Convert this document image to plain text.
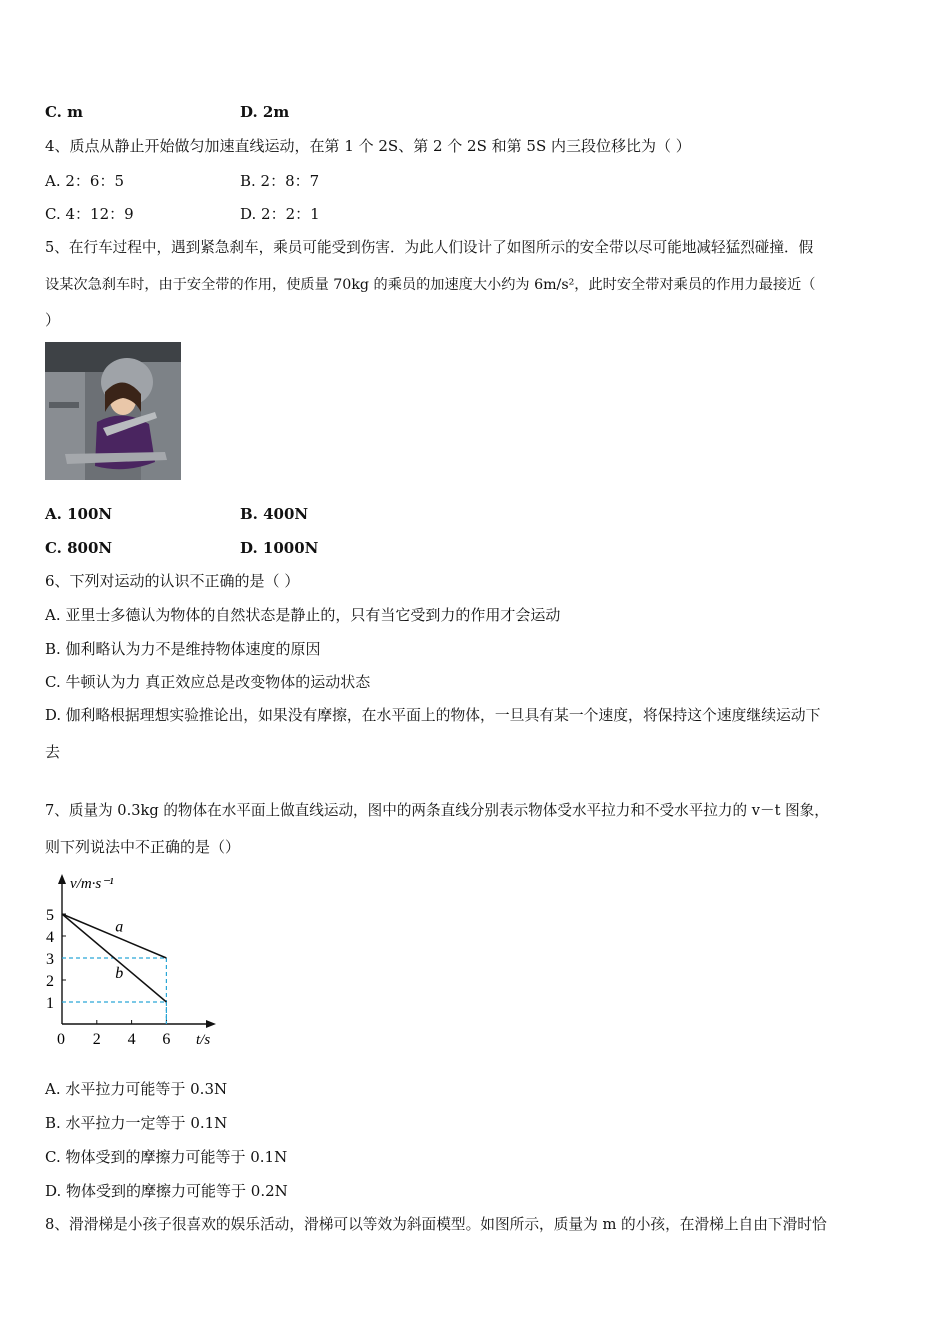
C. m	D. 2m
4、质点从静止开始做匀加速直线运动，在第 1 个 2S、第 2 个 2S 和第 5S 内三段位移比为（ ）
A. 2：6：5	B. 2：8：7
C. 4：12：9	D. 2：2：1
5、在行车过程中，遇到紧急刹车，乘员可能受到伤害．为此人们设计了如图所示的安全带以尽可能地减轻猛烈碰撞．假
设某次急刹车时，由于安全带的作用，使质量 70kg 的乘员的加速度大小约为 6m/s²，此时安全带对乘员的作用力最接近（
）
A. 100N	B. 400N
C. 800N	D. 1000N
6、下列对运动的认识不正确的是（ ）
A. 亚里士多德认为物体的自然状态是静止的，只有当它受到力的作用才会运动
B. 伽利略认为力不是维持物体速度的原因
C. 牛顿认为力 真正效应总是改变物体的运动状态
D. 伽利略根据理想实验推论出，如果没有摩擦，在水平面上的物体，一旦具有某一个速度，将保持这个速度继续运动下
去
7、质量为 0.3kg 的物体在水平面上做直线运动，图中的两条直线分别表示物体受水平拉力和不受水平拉力的 v－t 图象，
则下列说法中不正确的是（）
v/m·s⁻¹
t/s
5
4
3
2
1
0 2 4 6
a
b
A. 水平拉力可能等于 0.3N
B. 水平拉力一定等于 0.1N
C. 物体受到的摩擦力可能等于 0.1N
D. 物体受到的摩擦力可能等于 0.2N
8、滑滑梯是小孩子很喜欢的娱乐活动，滑梯可以等效为斜面模型。如图所示，质量为 m 的小孩，在滑梯上自由下滑时恰
